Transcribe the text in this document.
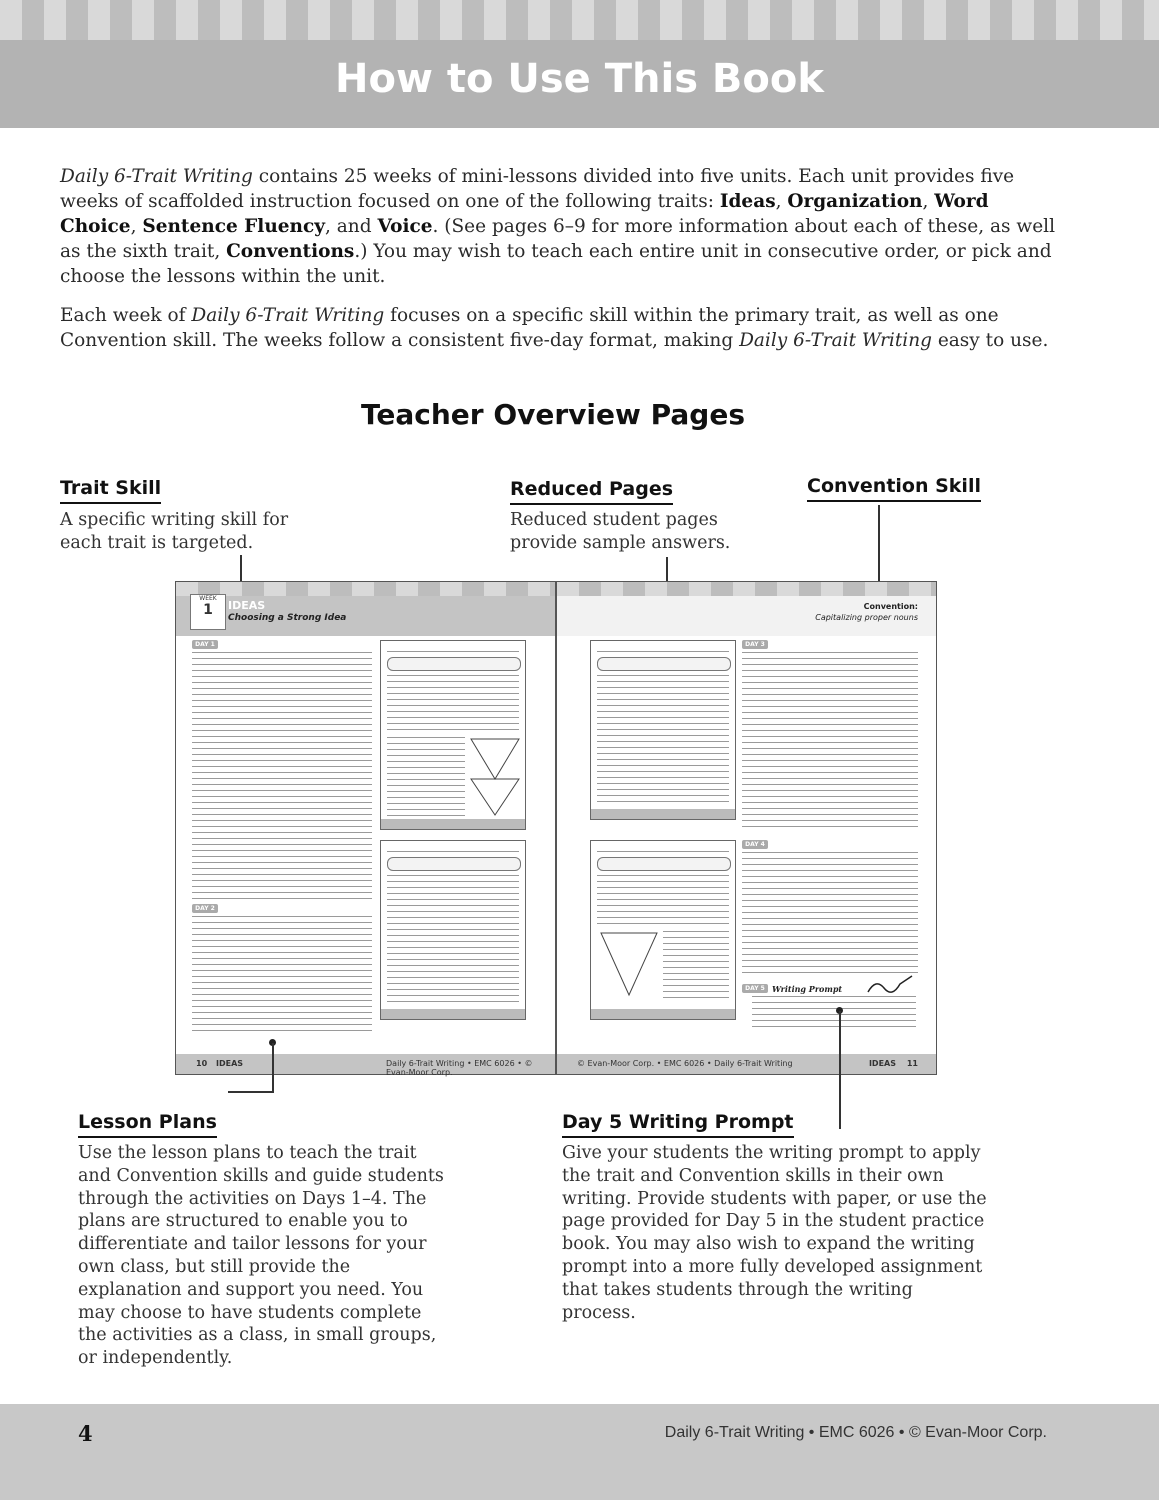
How to Use This Book

Daily 6-Trait Writing contains 25 weeks of mini-lessons divided into five units. Each unit provides five weeks of scaffolded instruction focused on one of the following traits: Ideas, Organization, Word Choice, Sentence Fluency, and Voice. (See pages 6–9 for more information about each of these, as well as the sixth trait, Conventions.) You may wish to teach each entire unit in consecutive order, or pick and choose the lessons within the unit.

Each week of Daily 6-Trait Writing focuses on a specific skill within the primary trait, as well as one Convention skill. The weeks follow a consistent five-day format, making Daily 6-Trait Writing easy to use.

Teacher Overview Pages
Trait Skill

A specific writing skill for each trait is targeted.

Reduced Pages

Reduced student pages provide sample answers.

Convention Skill
WEEK
1	IDEAS
Choosing a Strong Idea
DAY 1
DAY 2
10 IDEAS	Daily 6-Trait Writing • EMC 6026 • © Evan-Moor Corp.
Convention:
Capitalizing proper nouns
DAY 3
DAY 4
DAY 5 Writing Prompt
© Evan-Moor Corp. • EMC 6026 • Daily 6-Trait Writing	IDEAS 11
Lesson Plans

Use the lesson plans to teach the trait and Convention skills and guide students through the activities on Days 1–4. The plans are structured to enable you to differentiate and tailor lessons for your own class, but still provide the explanation and support you need. You may choose to have students complete the activities as a class, in small groups, or independently.

Day 5 Writing Prompt

Give your students the writing prompt to apply the trait and Convention skills in their own writing. Provide students with paper, or use the page provided for Day 5 in the student practice book. You may also wish to expand the writing prompt into a more fully developed assignment that takes students through the writing process.

4	Daily 6-Trait Writing • EMC 6026 • © Evan-Moor Corp.
